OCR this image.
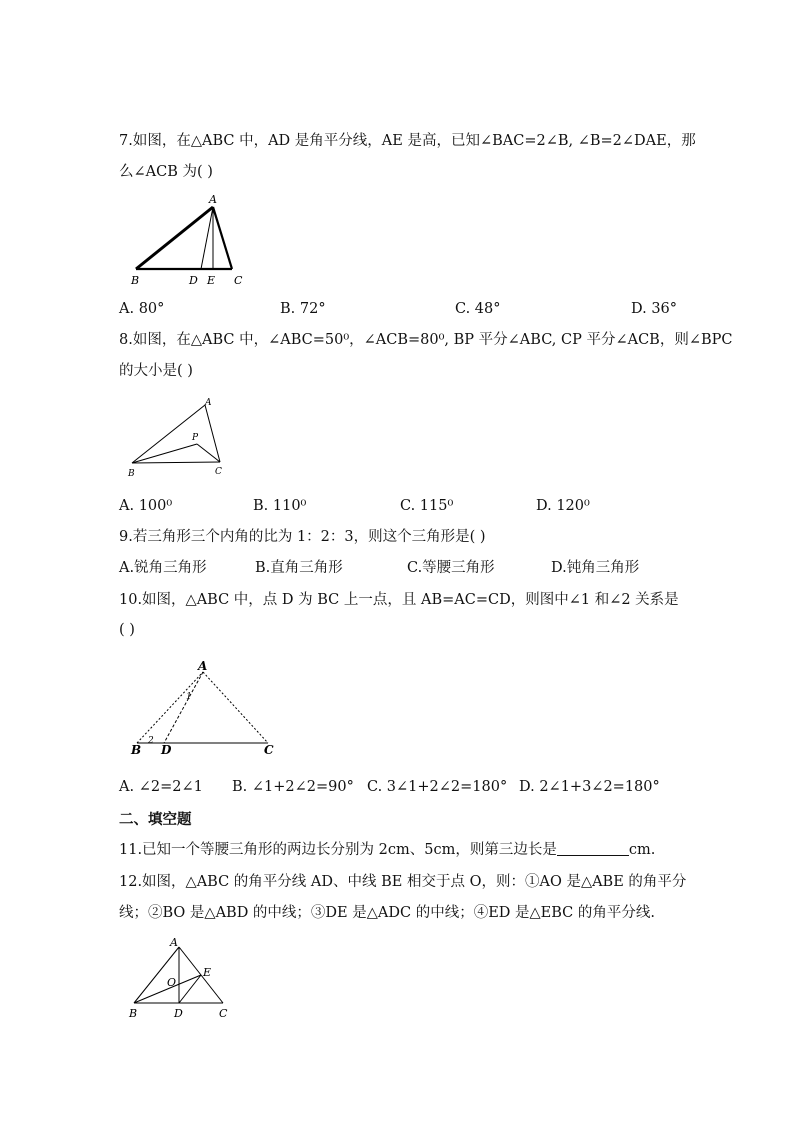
7.如图，在△ABC 中，AD 是角平分线，AE 是高，已知∠BAC=2∠B, ∠B=2∠DAE，那
么∠ACB 为( )
A
B	D E C
A. 80°	B. 72°	C. 48°	D. 36°
8.如图，在△ABC 中，∠ABC=50⁰，∠ACB=80⁰, BP 平分∠ABC, CP 平分∠ACB，则∠BPC
的大小是( )
A
P
B	C
A. 100⁰	B. 110⁰	C. 115⁰	D. 120⁰
9.若三角形三个内角的比为 1：2：3，则这个三角形是( )
A.锐角三角形	B.直角三角形	C.等腰三角形	D.钝角三角形
10.如图，△ABC 中，点 D 为 BC 上一点，且 AB=AC=CD，则图中∠1 和∠2 关系是
( )
A
B D	C
1
2
A. ∠2=2∠1 B. ∠1+2∠2=90° C. 3∠1+2∠2=180° D. 2∠1+3∠2=180°
二、填空题
11.已知一个等腰三角形的两边长分别为 2cm、5cm，则第三边长是	cm.
12.如图，△ABC 的角平分线 AD、中线 BE 相交于点 O，则：①AO 是△ABE 的角平分
线；②BO 是△ABD 的中线；③DE 是△ADC 的中线；④ED 是△EBC 的角平分线.
A
O
E
B	D	C
